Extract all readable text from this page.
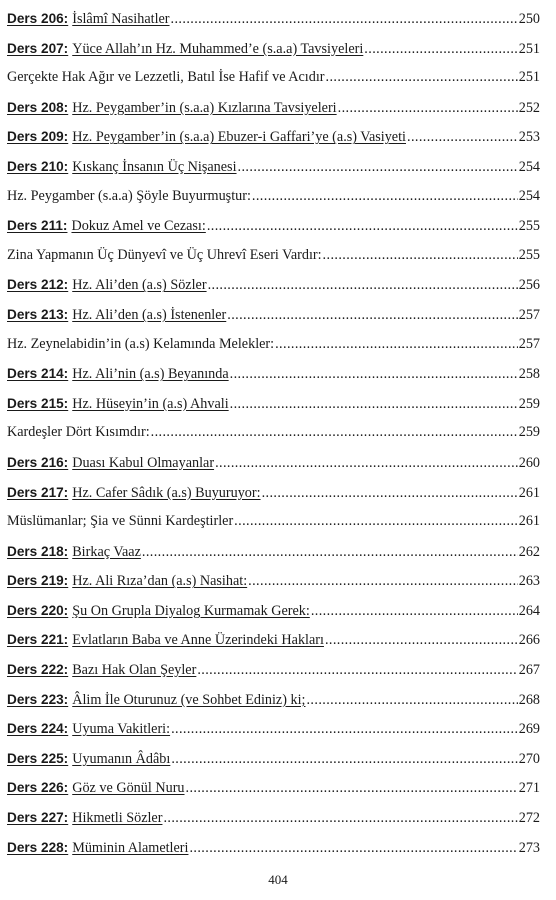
Ders 206: İslâmî Nasihatler .....	250
Ders 207: Yüce Allah’ın Hz. Muhammed’e (s.a.a) Tavsiyeleri .....	251
Gerçekte Hak Ağır ve Lezzetli, Batıl İse Hafif ve Acıdır .....	251
Ders 208: Hz. Peygamber’in (s.a.a) Kızlarına Tavsiyeleri .....	252
Ders 209: Hz. Peygamber’in (s.a.a) Ebuzer-i Gaffari’ye (a.s) Vasiyeti .....	253
Ders 210: Kıskanç İnsanın Üç Nişanesi .....	254
Hz. Peygamber (s.a.a) Şöyle Buyurmuştur: .....	254
Ders 211: Dokuz Amel ve Cezası: .....	255
Zina Yapmanın Üç Dünyevî ve Üç Uhrevî Eseri Vardır: .....	255
Ders 212: Hz. Ali’den (a.s) Sözler .....	256
Ders 213: Hz. Ali’den (a.s) İstenenler .....	257
Hz. Zeynelabidin’in (a.s) Kelamında Melekler: .....	257
Ders 214: Hz. Ali’nin (a.s) Beyanında .....	258
Ders 215: Hz. Hüseyin’in (a.s) Ahvali .....	259
Kardeşler Dört Kısımdır: .....	259
Ders 216: Duası Kabul Olmayanlar .....	260
Ders 217: Hz. Cafer Sâdık (a.s) Buyuruyor: .....	261
Müslümanlar; Şia ve Sünni Kardeştirler .....	261
Ders 218: Birkaç Vaaz .....	262
Ders 219: Hz. Ali Rıza’dan (a.s) Nasihat: .....	263
Ders 220: Şu On Grupla Diyalog Kurmamak Gerek: .....	264
Ders 221: Evlatların Baba ve Anne Üzerindeki Hakları .....	266
Ders 222: Bazı Hak Olan Şeyler .....	267
Ders 223: Âlim İle Oturunuz (ve Sohbet Ediniz) ki; .....	268
Ders 224: Uyuma Vakitleri: .....	269
Ders 225: Uyumanın Âdâbı .....	270
Ders 226: Göz ve Gönül Nuru .....	271
Ders 227: Hikmetli Sözler .....	272
Ders 228: Müminin Alametleri .....	273
404
